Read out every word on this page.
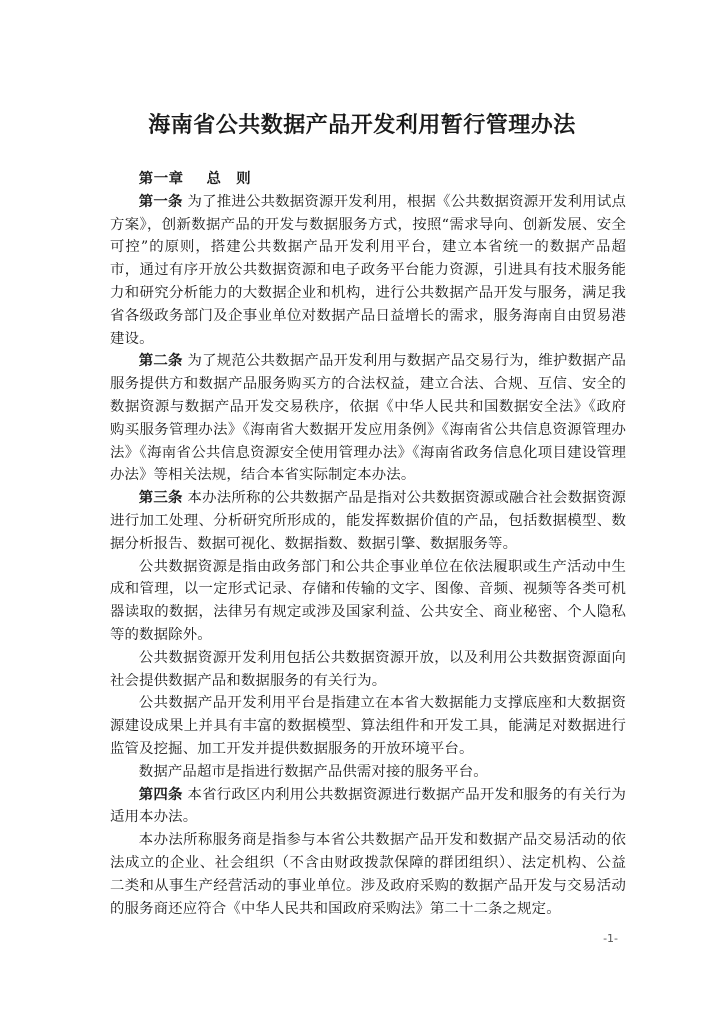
海南省公共数据产品开发利用暂行管理办法

第一章 总　则

第一条 为了推进公共数据资源开发利用，根据《公共数据资源开发利用试点方案》，创新数据产品的开发与数据服务方式，按照“需求导向、创新发展、安全可控”的原则，搭建公共数据产品开发利用平台，建立本省统一的数据产品超市，通过有序开放公共数据资源和电子政务平台能力资源，引进具有技术服务能力和研究分析能力的大数据企业和机构，进行公共数据产品开发与服务，满足我省各级政务部门及企事业单位对数据产品日益增长的需求，服务海南自由贸易港建设。

第二条 为了规范公共数据产品开发利用与数据产品交易行为，维护数据产品服务提供方和数据产品服务购买方的合法权益，建立合法、合规、互信、安全的数据资源与数据产品开发交易秩序，依据《中华人民共和国数据安全法》《政府购买服务管理办法》《海南省大数据开发应用条例》《海南省公共信息资源管理办法》《海南省公共信息资源安全使用管理办法》《海南省政务信息化项目建设管理办法》等相关法规，结合本省实际制定本办法。

第三条 本办法所称的公共数据产品是指对公共数据资源或融合社会数据资源进行加工处理、分析研究所形成的，能发挥数据价值的产品，包括数据模型、数据分析报告、数据可视化、数据指数、数据引擎、数据服务等。

公共数据资源是指由政务部门和公共企事业单位在依法履职或生产活动中生成和管理，以一定形式记录、存储和传输的文字、图像、音频、视频等各类可机器读取的数据，法律另有规定或涉及国家利益、公共安全、商业秘密、个人隐私等的数据除外。

公共数据资源开发利用包括公共数据资源开放，以及利用公共数据资源面向社会提供数据产品和数据服务的有关行为。

公共数据产品开发利用平台是指建立在本省大数据能力支撑底座和大数据资源建设成果上并具有丰富的数据模型、算法组件和开发工具，能满足对数据进行监管及挖掘、加工开发并提供数据服务的开放环境平台。

数据产品超市是指进行数据产品供需对接的服务平台。

第四条 本省行政区内利用公共数据资源进行数据产品开发和服务的有关行为适用本办法。

本办法所称服务商是指参与本省公共数据产品开发和数据产品交易活动的依法成立的企业、社会组织（不含由财政拨款保障的群团组织）、法定机构、公益二类和从事生产经营活动的事业单位。涉及政府采购的数据产品开发与交易活动的服务商还应符合《中华人民共和国政府采购法》第二十二条之规定。

-1-
